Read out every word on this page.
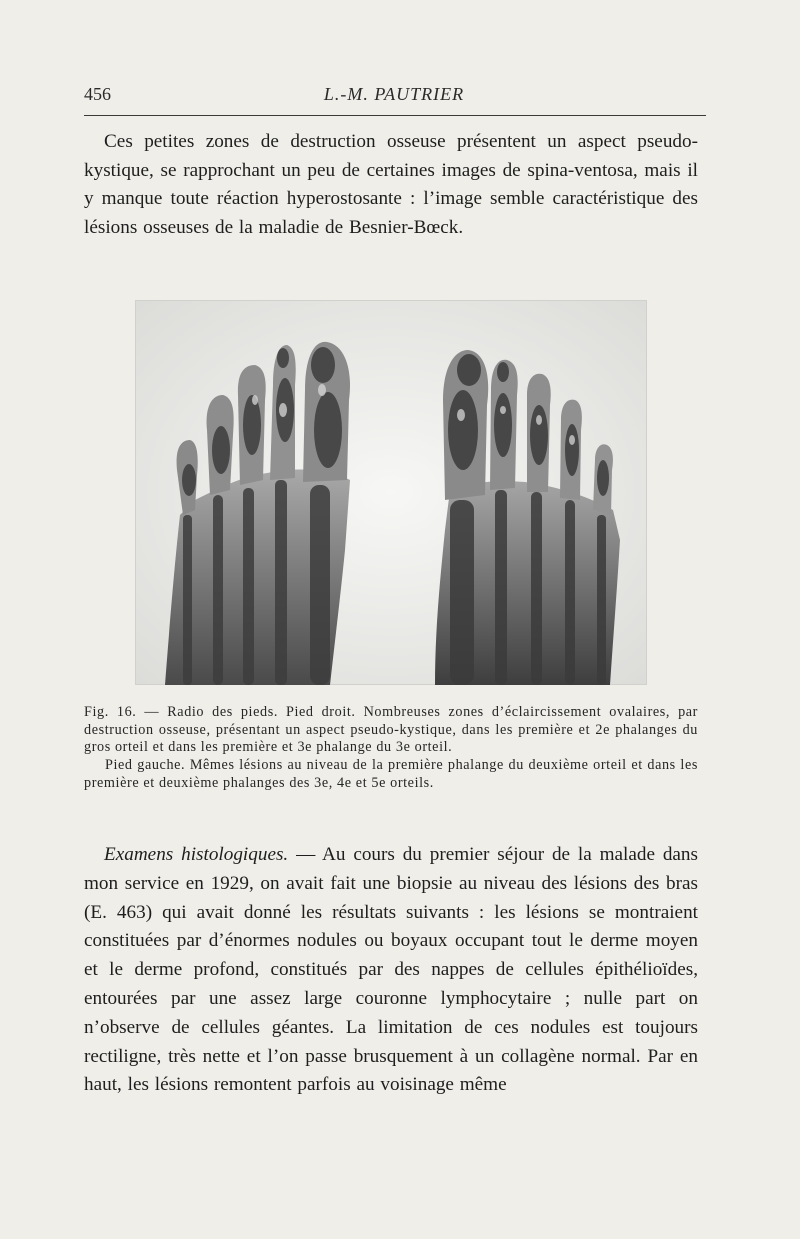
456	L.-M. PAUTRIER

Ces petites zones de destruction osseuse présentent un aspect pseudo-kystique, se rapprochant un peu de certaines images de spina-ventosa, mais il y manque toute réaction hyperostosante : l’image semble caractéristique des lésions osseuses de la maladie de Besnier-Bœck.

Fig. 16. — Radio des pieds. Pied droit. Nombreuses zones d’éclaircissement ovalaires, par destruction osseuse, présentant un aspect pseudo-kystique, dans les première et 2e phalanges du gros orteil et dans les première et 3e phalange du 3e orteil.

Pied gauche. Mêmes lésions au niveau de la première phalange du deuxième orteil et dans les première et deuxième phalanges des 3e, 4e et 5e orteils.

Examens histologiques. — Au cours du premier séjour de la malade dans mon service en 1929, on avait fait une biopsie au niveau des lésions des bras (E. 463) qui avait donné les résultats suivants : les lésions se montraient constituées par d’énormes nodules ou boyaux occupant tout le derme moyen et le derme profond, constitués par des nappes de cellules épithélioïdes, entourées par une assez large couronne lymphocytaire ; nulle part on n’observe de cellules géantes. La limitation de ces nodules est toujours rectiligne, très nette et l’on passe brusquement à un collagène normal. Par en haut, les lésions remontent parfois au voisinage même
